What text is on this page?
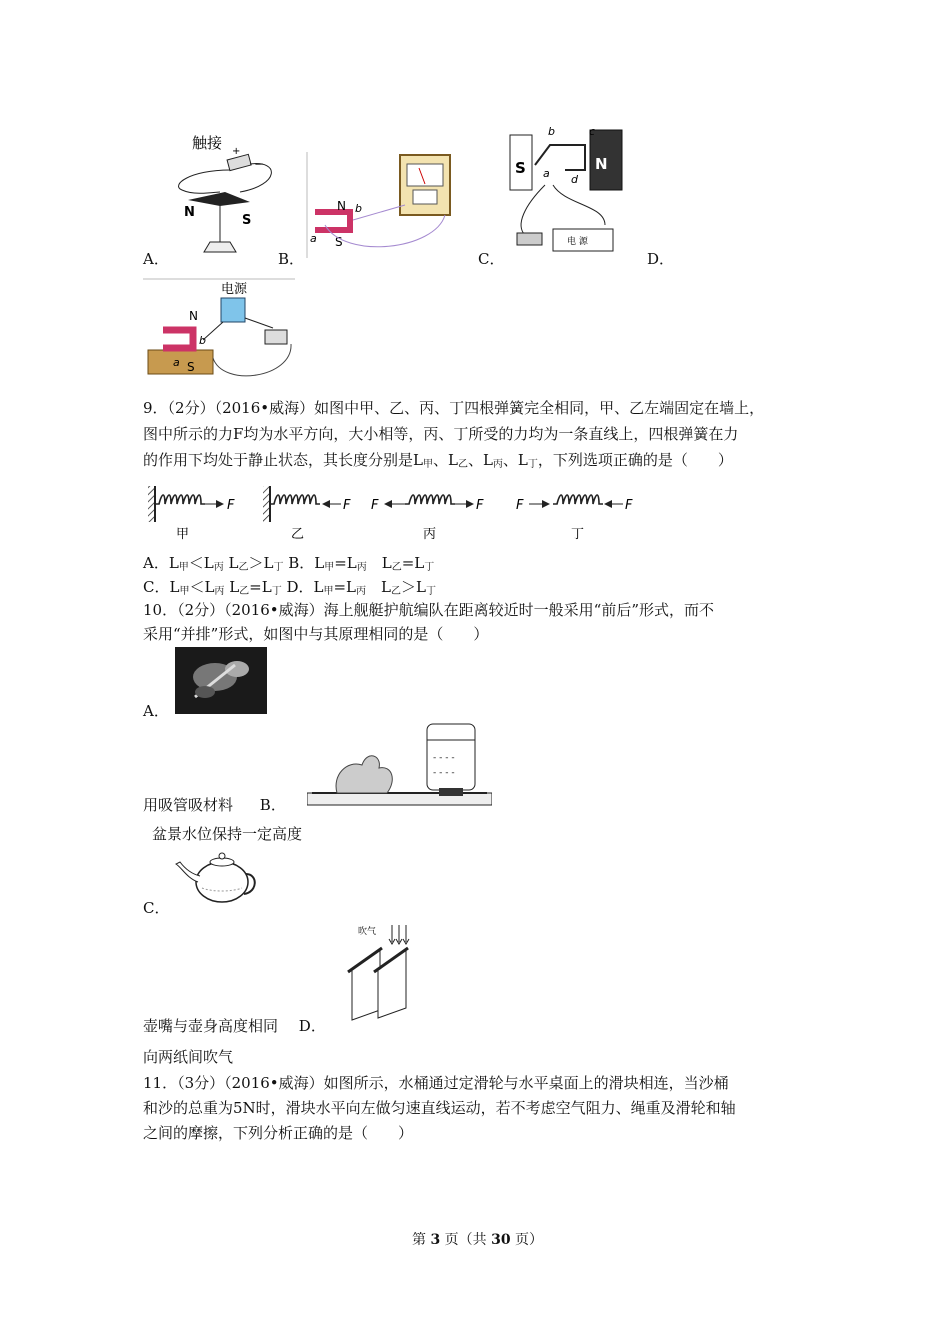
触接 +
−
N
S
A．
N
S
a
b
B．
S	N
b	c
a d
电 源
C．	D．
电源
N
S
a
b
9．（2分）（2016•威海）如图中甲、乙、丙、丁四根弹簧完全相同，甲、乙左端固定在墙上，
图中所示的力F均为水平方向，大小相等，丙、丁所受的力均为一条直线上，四根弹簧在力
的作用下均处于静止状态，其长度分别是$L_甲$、$L_乙$、$L_丙$、$L_丁$，下列选项正确的是（　　）
F
甲
F
乙
F	F
丙
F	F
丁
A．$L_甲<L_丙$ $L_乙>L_丁$ B．$L_甲=L_丙$　$L_乙=L_丁$
C．$L_甲<L_丙$ $L_乙=L_丁$ D．$L_甲=L_丙$　$L_乙>L_丁$
10．（2分）（2016•威海）海上舰艇护航编队在距离较近时一般采用“前后”形式，而不
采用“并排”形式，如图中与其原理相同的是（　　）
A．
- - - -
- - - -
用吸管吸材料 B．
盆景水位保持一定高度
C．
吹气
壶嘴与壶身高度相同 D．
向两纸间吹气
11．（3分）（2016•威海）如图所示，水桶通过定滑轮与水平桌面上的滑块相连，当沙桶
和沙的总重为5N时，滑块水平向左做匀速直线运动，若不考虑空气阻力、绳重及滑轮和轴
之间的摩擦，下列分析正确的是（　　）
第 3 页（共 30 页）
